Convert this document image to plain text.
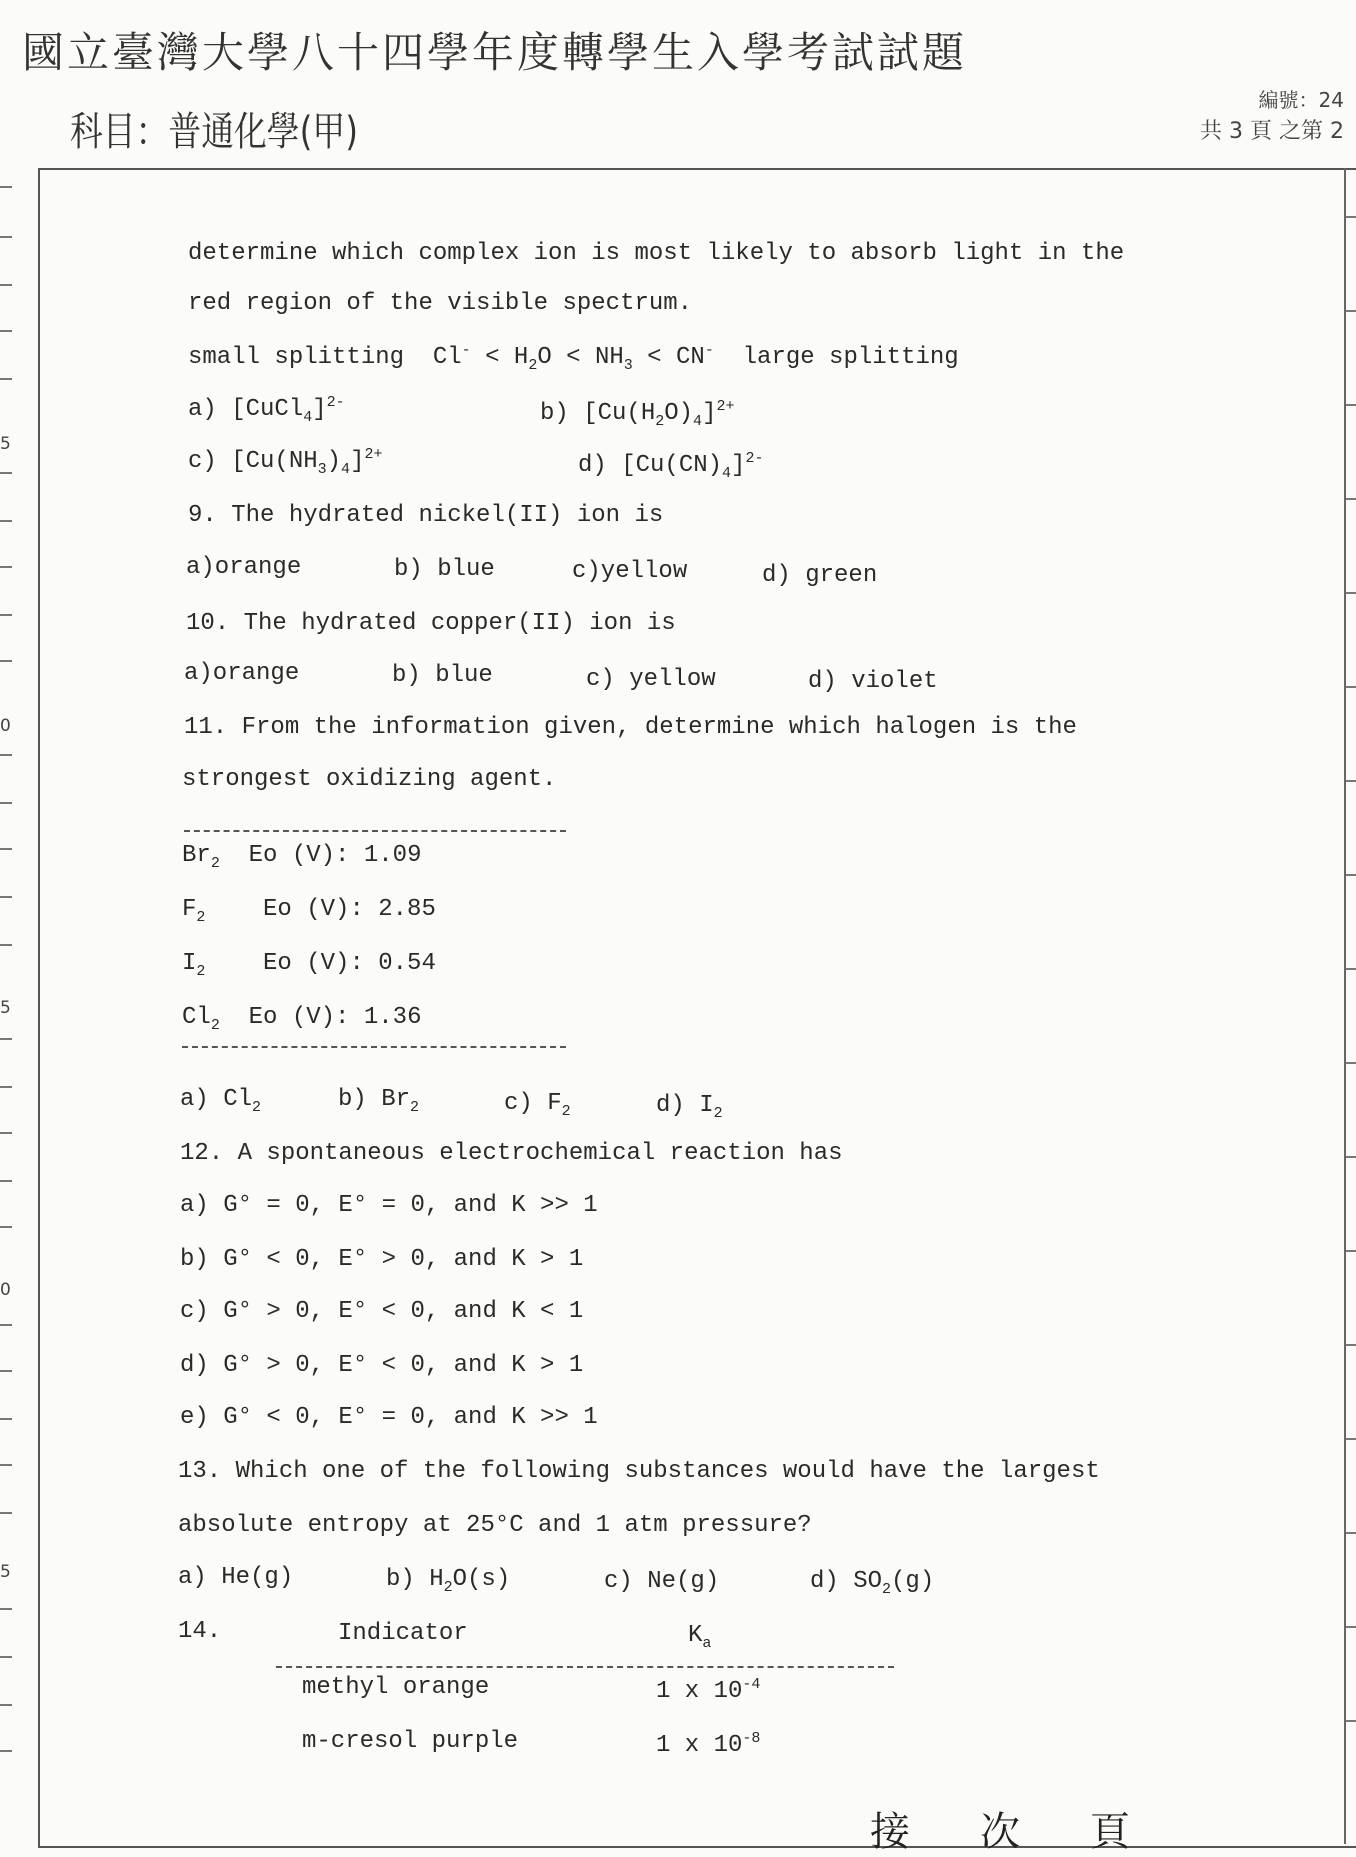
國立臺灣大學八十四學年度轉學生入學考試試題
科目：普通化學(甲)
編號：24
共 3 頁 之第 2
5
0
5
0
5
determine which complex ion is most likely to absorb light in the
red region of the visible spectrum.
small splitting $Cl^- < H_2O < NH_3 < CN^-$ large splitting
a) [CuCl$_4$]$^{2-}$	b) $[Cu(H_2O)_4]^{2+}$
c) $[Cu(NH_3)_4]^{2+}$	d) $[Cu(CN)_4]^{2-}$
9. The hydrated nickel(II) ion is
a)orange	b) blue	c)yellow	d) green
10. The hydrated copper(II) ion is
a)orange	b) blue	c) yellow	d) violet
11. From the information given, determine which halogen is the
strongest oxidizing agent.
$Br_2$ Eo (V): 1.09
$F_2$ Eo (V): 2.85
$I_2$ Eo (V): 0.54
$Cl_2$ Eo (V): 1.36
a) $Cl_2$	b) $Br_2$	c) $F_2$	d) $I_2$
12. A spontaneous electrochemical reaction has
a) G° = 0, E° = 0, and K >> 1
b) G° < 0, E° > 0, and K > 1
c) G° > 0, E° < 0, and K < 1
d) G° > 0, E° < 0, and K > 1
e) G° < 0, E° = 0, and K >> 1
13. Which one of the following substances would have the largest
absolute entropy at 25°C and 1 atm pressure?
a) He(g)	b) $H_2O(s)$	c) Ne(g)	d) $SO_2(g)$
14.	Indicator	$K_a$
methyl orange	1 x $10^{-4}$
m-cresol purple	1 x $10^{-8}$
接次頁
